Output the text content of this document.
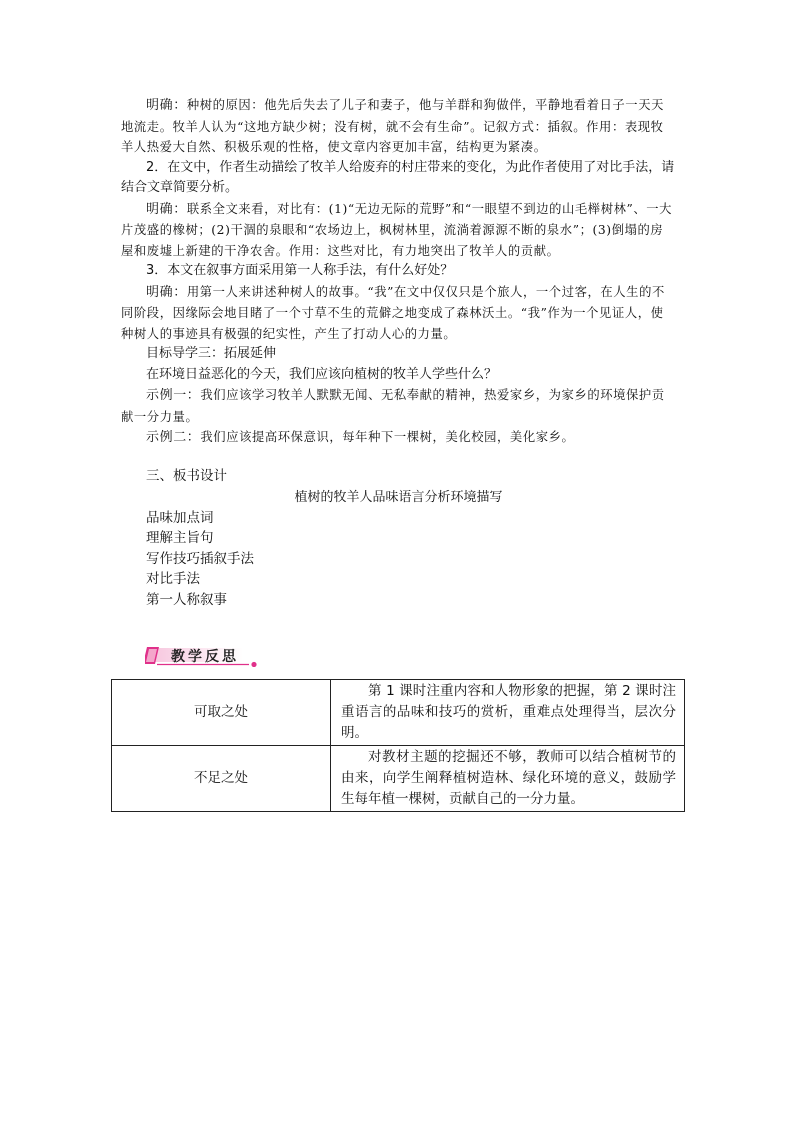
明确：种树的原因：他先后失去了儿子和妻子，他与羊群和狗做伴，平静地看着日子一天天地流走。牧羊人认为“这地方缺少树；没有树，就不会有生命”。记叙方式：插叙。作用：表现牧羊人热爱大自然、积极乐观的性格，使文章内容更加丰富，结构更为紧凑。

2．在文中，作者生动描绘了牧羊人给废弃的村庄带来的变化，为此作者使用了对比手法，请结合文章简要分析。

明确：联系全文来看，对比有：(1)“无边无际的荒野”和“一眼望不到边的山毛榉树林”、一大片茂盛的橡树；(2)干涸的泉眼和“农场边上，枫树林里，流淌着源源不断的泉水”；(3)倒塌的房屋和废墟上新建的干净农舍。作用：这些对比，有力地突出了牧羊人的贡献。

3．本文在叙事方面采用第一人称手法，有什么好处？

明确：用第一人来讲述种树人的故事。“我”在文中仅仅只是个旅人，一个过客，在人生的不同阶段，因缘际会地目睹了一个寸草不生的荒僻之地变成了森林沃土。“我”作为一个见证人，使种树人的事迹具有极强的纪实性，产生了打动人心的力量。

目标导学三：拓展延伸

在环境日益恶化的今天，我们应该向植树的牧羊人学些什么？

示例一：我们应该学习牧羊人默默无闻、无私奉献的精神，热爱家乡，为家乡的环境保护贡献一分力量。

示例二：我们应该提高环保意识，每年种下一棵树，美化校园，美化家乡。

三、板书设计

植树的牧羊人品味语言分析环境描写

品味加点词

理解主旨句

写作技巧插叙手法

对比手法

第一人称叙事

教学反思
可取之处	第 1 课时注重内容和人物形象的把握，第 2 课时注重语言的品味和技巧的赏析，重难点处理得当，层次分明。
不足之处	对教材主题的挖掘还不够，教师可以结合植树节的由来，向学生阐释植树造林、绿化环境的意义，鼓励学生每年植一棵树，贡献自己的一分力量。
